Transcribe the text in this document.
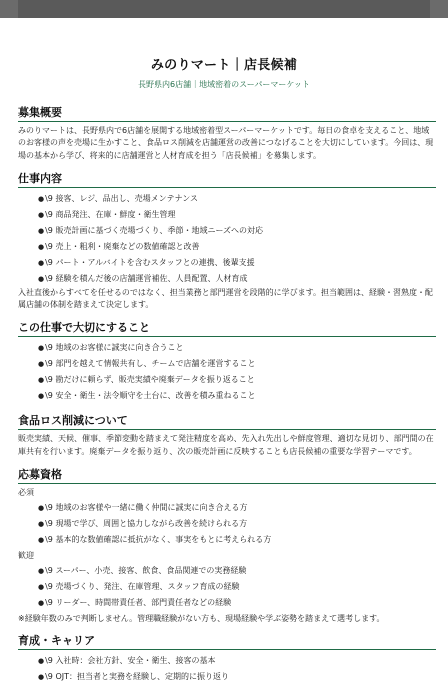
みのりマート｜店長候補
長野県内6店舗｜地域密着のスーパーマーケット
募集概要

みのりマートは、長野県内で6店舗を展開する地域密着型スーパーマーケットです。毎日の食卓を支えること、地域のお客様の声を売場に生かすこと、食品ロス削減を店舗運営の改善につなげることを大切にしています。今回は、現場の基本から学び、将来的に店舗運営と人材育成を担う「店長候補」を募集します。

仕事内容
●\9 接客、レジ、品出し、売場メンテナンス
●\9 商品発注、在庫・鮮度・衛生管理
●\9 販売計画に基づく売場づくり、季節・地域ニーズへの対応
●\9 売上・粗利・廃棄などの数値確認と改善
●\9 パート・アルバイトを含むスタッフとの連携、後輩支援
●\9 経験を積んだ後の店舗運営補佐、人員配置、人材育成

入社直後からすべてを任せるのではなく、担当業務と部門運営を段階的に学びます。担当範囲は、経験・習熟度・配属店舗の体制を踏まえて決定します。

この仕事で大切にすること
●\9 地域のお客様に誠実に向き合うこと
●\9 部門を越えて情報共有し、チームで店舗を運営すること
●\9 勘だけに頼らず、販売実績や廃棄データを振り返ること
●\9 安全・衛生・法令順守を土台に、改善を積み重ねること
食品ロス削減について

販売実績、天候、催事、季節変動を踏まえて発注精度を高め、先入れ先出しや鮮度管理、適切な見切り、部門間の在庫共有を行います。廃棄データを振り返り、次の販売計画に反映することも店長候補の重要な学習テーマです。

応募資格
必須
●\9 地域のお客様や一緒に働く仲間に誠実に向き合える方
●\9 現場で学び、周囲と協力しながら改善を続けられる方
●\9 基本的な数値確認に抵抗がなく、事実をもとに考えられる方
歓迎
●\9 スーパー、小売、接客、飲食、食品関連での実務経験
●\9 売場づくり、発注、在庫管理、スタッフ育成の経験
●\9 リーダー、時間帯責任者、部門責任者などの経験
※経験年数のみで判断しません。管理職経験がない方も、現場経験や学ぶ姿勢を踏まえて選考します。
育成・キャリア
●\9 入社時：会社方針、安全・衛生、接客の基本
●\9 OJT：担当者と実務を経験し、定期的に振り返り
